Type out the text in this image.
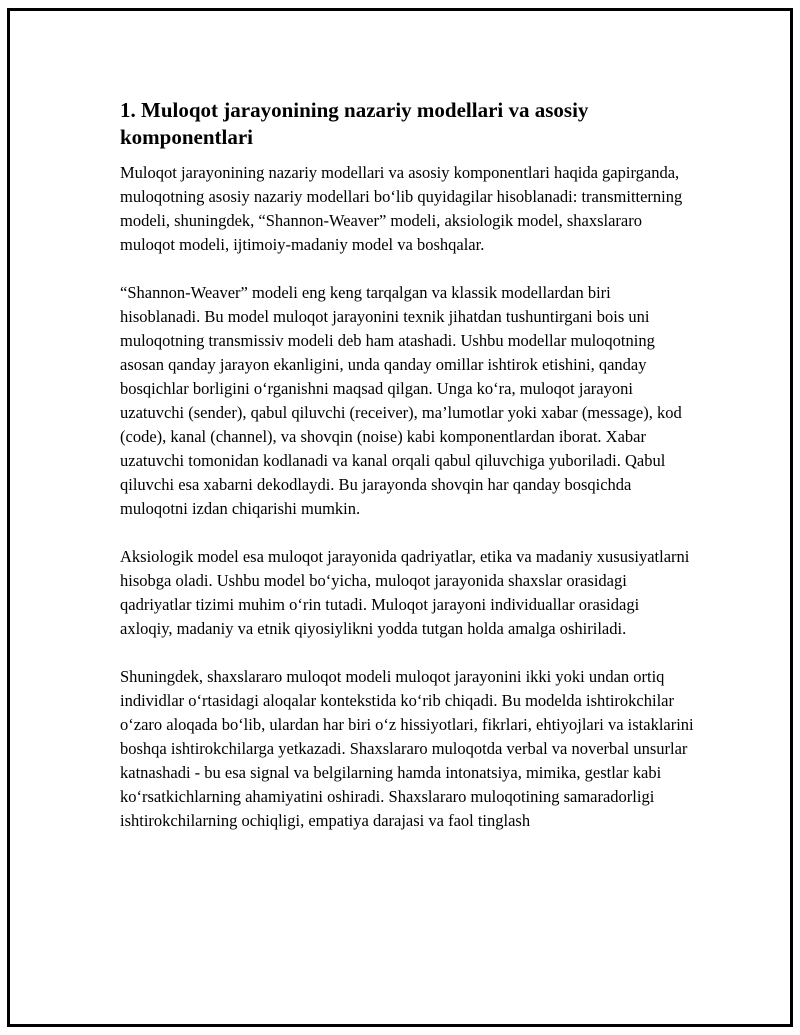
1. Muloqot jarayonining nazariy modellari va asosiy komponentlari

Muloqot jarayonining nazariy modellari va asosiy komponentlari haqida gapirganda, muloqotning asosiy nazariy modellari bo‘lib quyidagilar hisoblanadi: transmitterning modeli, shuningdek, “Shannon-Weaver” modeli, aksiologik model, shaxslararo muloqot modeli, ijtimoiy-madaniy model va boshqalar.

“Shannon-Weaver” modeli eng keng tarqalgan va klassik modellardan biri hisoblanadi. Bu model muloqot jarayonini texnik jihatdan tushuntirgani bois uni muloqotning transmissiv modeli deb ham atashadi. Ushbu modellar muloqotning asosan qanday jarayon ekanligini, unda qanday omillar ishtirok etishini, qanday bosqichlar borligini o‘rganishni maqsad qilgan. Unga ko‘ra, muloqot jarayoni uzatuvchi (sender), qabul qiluvchi (receiver), ma’lumotlar yoki xabar (message), kod (code), kanal (channel), va shovqin (noise) kabi komponentlardan iborat. Xabar uzatuvchi tomonidan kodlanadi va kanal orqali qabul qiluvchiga yuboriladi. Qabul qiluvchi esa xabarni dekodlaydi. Bu jarayonda shovqin har qanday bosqichda muloqotni izdan chiqarishi mumkin.

Aksiologik model esa muloqot jarayonida qadriyatlar, etika va madaniy xususiyatlarni hisobga oladi. Ushbu model bo‘yicha, muloqot jarayonida shaxslar orasidagi qadriyatlar tizimi muhim o‘rin tutadi. Muloqot jarayoni individuallar orasidagi axloqiy, madaniy va etnik qiyosiylikni yodda tutgan holda amalga oshiriladi.

Shuningdek, shaxslararo muloqot modeli muloqot jarayonini ikki yoki undan ortiq individlar o‘rtasidagi aloqalar kontekstida ko‘rib chiqadi. Bu modelda ishtirokchilar o‘zaro aloqada bo‘lib, ulardan har biri o‘z hissiyotlari, fikrlari, ehtiyojlari va istaklarini boshqa ishtirokchilarga yetkazadi. Shaxslararo muloqotda verbal va noverbal unsurlar katnashadi - bu esa signal va belgilarning hamda intonatsiya, mimika, gestlar kabi ko‘rsatkichlarning ahamiyatini oshiradi. Shaxslararo muloqotining samaradorligi ishtirokchilarning ochiqligi, empatiya darajasi va faol tinglash
